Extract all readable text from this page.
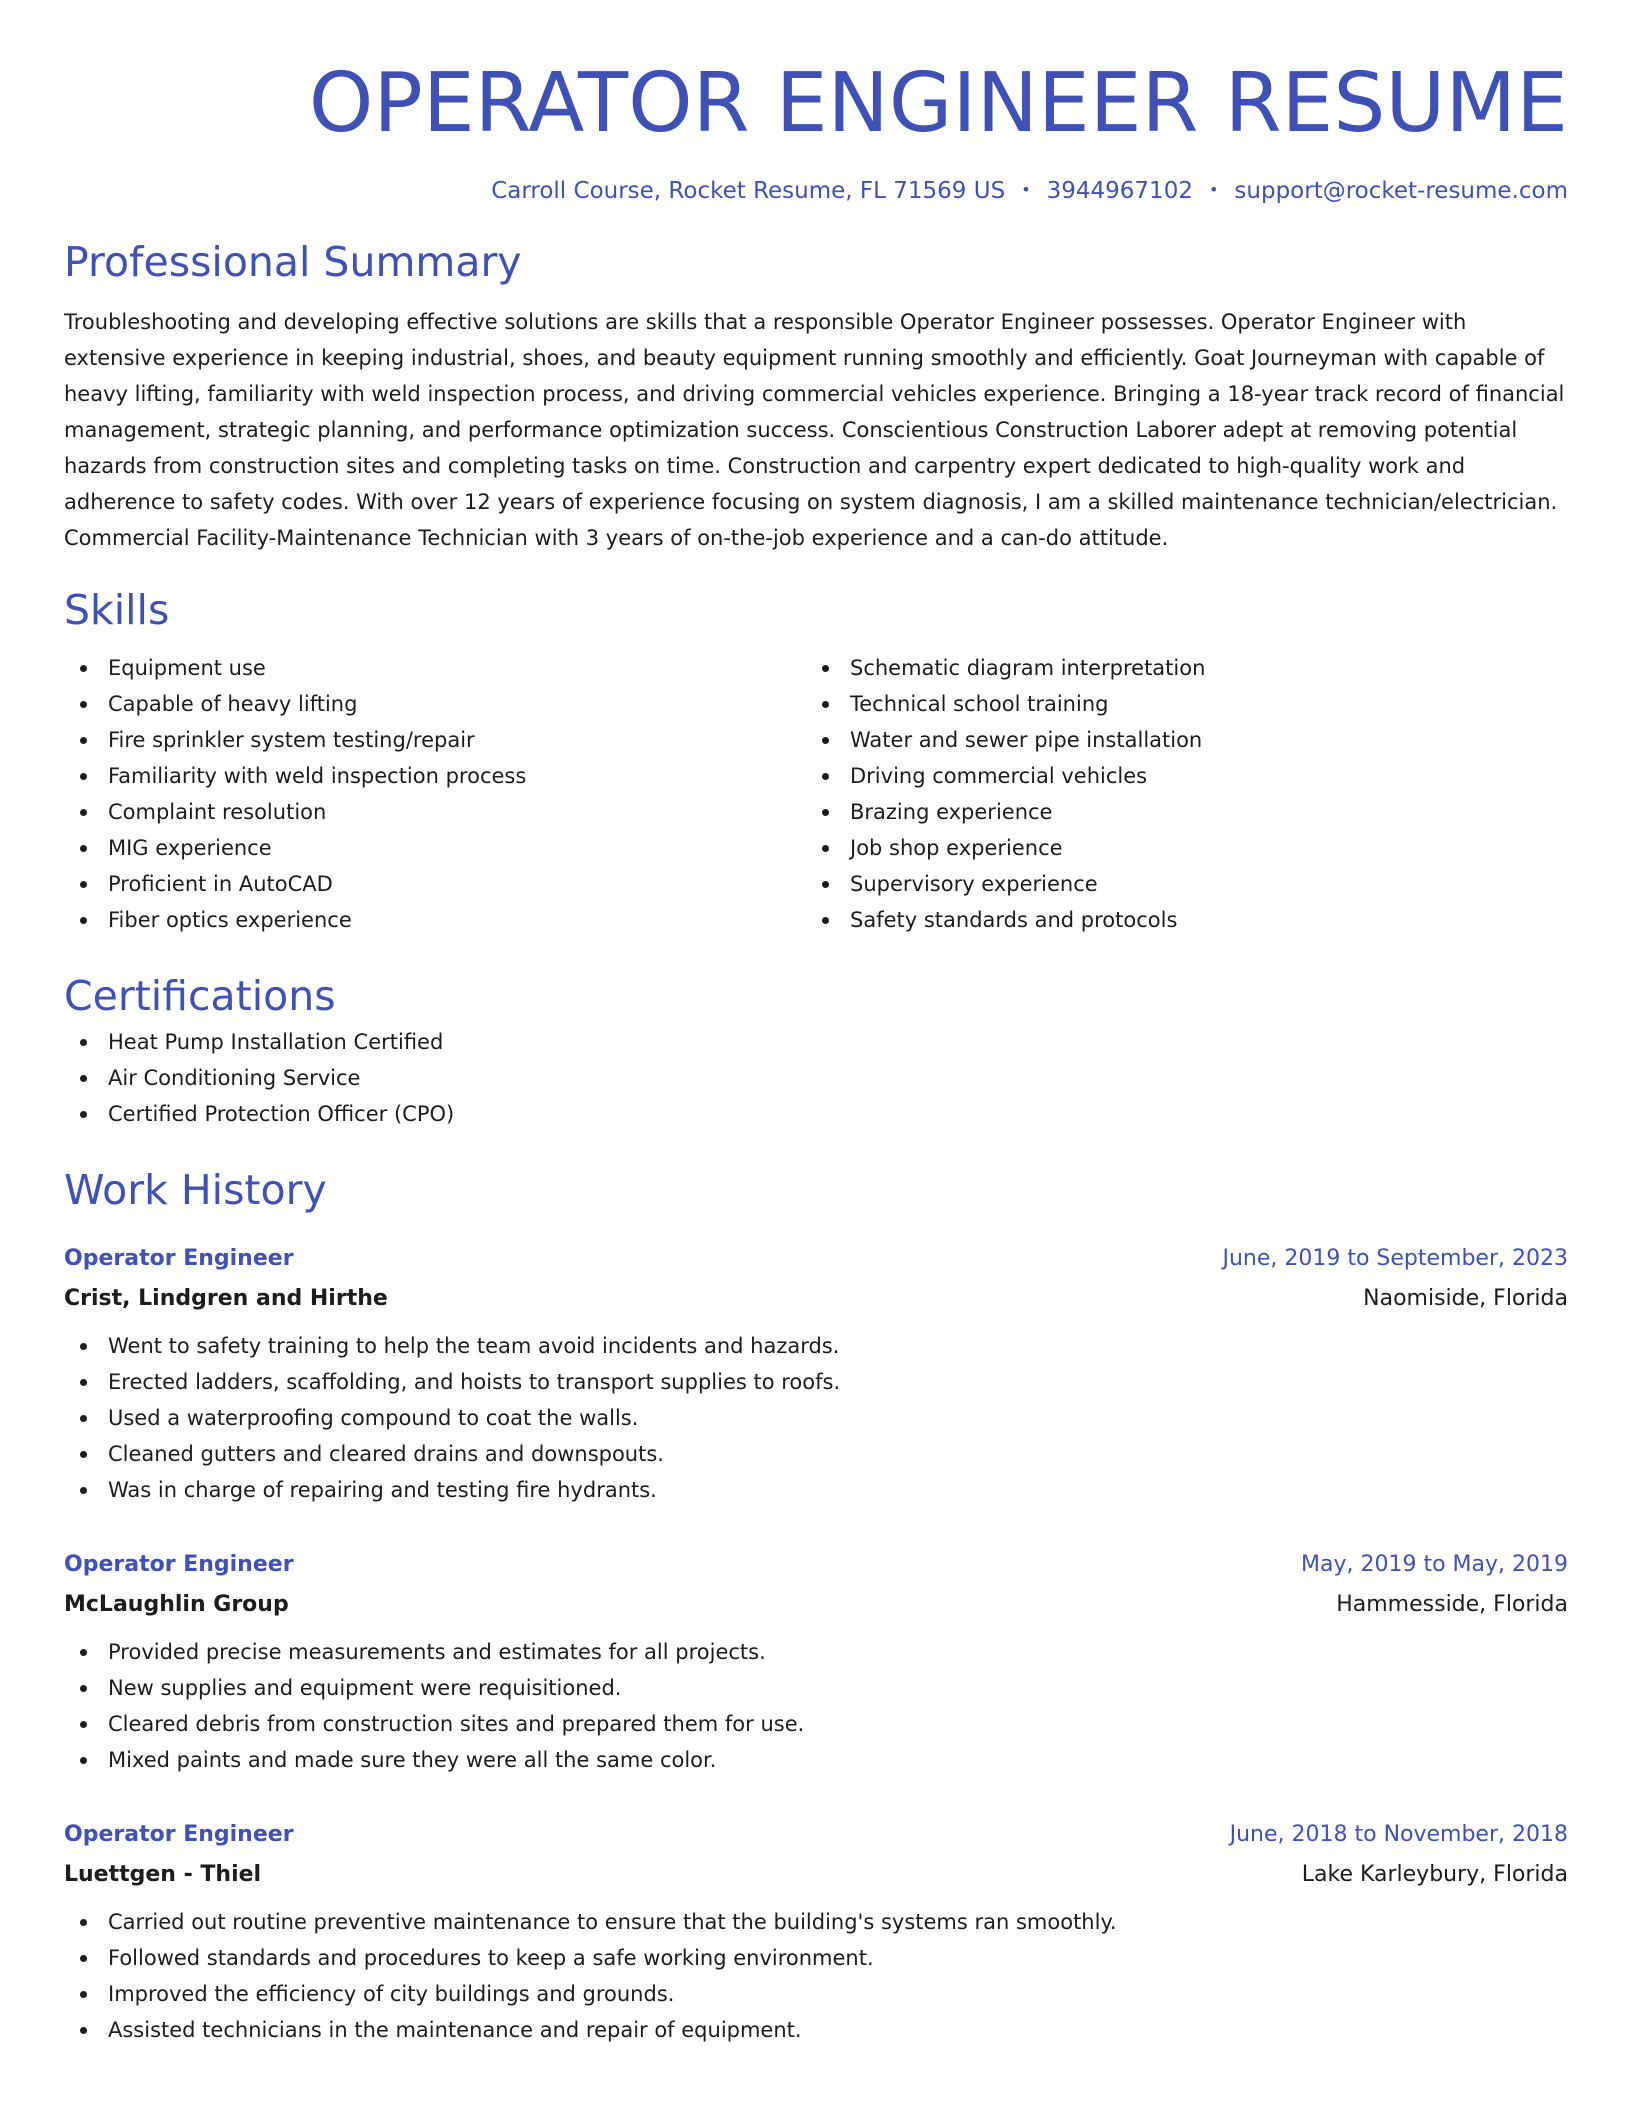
OPERATOR ENGINEER RESUME
Carroll Course, Rocket Resume, FL 71569 US • 3944967102 • support@rocket-resume.com
Professional Summary

Troubleshooting and developing effective solutions are skills that a responsible Operator Engineer possesses. Operator Engineer with extensive experience in keeping industrial, shoes, and beauty equipment running smoothly and efficiently. Goat Journeyman with capable of heavy lifting, familiarity with weld inspection process, and driving commercial vehicles experience. Bringing a 18-year track record of financial management, strategic planning, and performance optimization success. Conscientious Construction Laborer adept at removing potential hazards from construction sites and completing tasks on time. Construction and carpentry expert dedicated to high-quality work and adherence to safety codes. With over 12 years of experience focusing on system diagnosis, I am a skilled maintenance technician/electrician. Commercial Facility-Maintenance Technician with 3 years of on-the-job experience and a can-do attitude.

Skills
Equipment use
Capable of heavy lifting
Fire sprinkler system testing/repair
Familiarity with weld inspection process
Complaint resolution
MIG experience
Proficient in AutoCAD
Fiber optics experience
Schematic diagram interpretation
Technical school training
Water and sewer pipe installation
Driving commercial vehicles
Brazing experience
Job shop experience
Supervisory experience
Safety standards and protocols
Certifications
Heat Pump Installation Certified
Air Conditioning Service
Certified Protection Officer (CPO)
Work History
Operator Engineer	June, 2019 to September, 2023
Crist, Lindgren and Hirthe	Naomiside, Florida
Went to safety training to help the team avoid incidents and hazards.
Erected ladders, scaffolding, and hoists to transport supplies to roofs.
Used a waterproofing compound to coat the walls.
Cleaned gutters and cleared drains and downspouts.
Was in charge of repairing and testing fire hydrants.
Operator Engineer	May, 2019 to May, 2019
McLaughlin Group	Hammesside, Florida
Provided precise measurements and estimates for all projects.
New supplies and equipment were requisitioned.
Cleared debris from construction sites and prepared them for use.
Mixed paints and made sure they were all the same color.
Operator Engineer	June, 2018 to November, 2018
Luettgen - Thiel	Lake Karleybury, Florida
Carried out routine preventive maintenance to ensure that the building's systems ran smoothly.
Followed standards and procedures to keep a safe working environment.
Improved the efficiency of city buildings and grounds.
Assisted technicians in the maintenance and repair of equipment.
